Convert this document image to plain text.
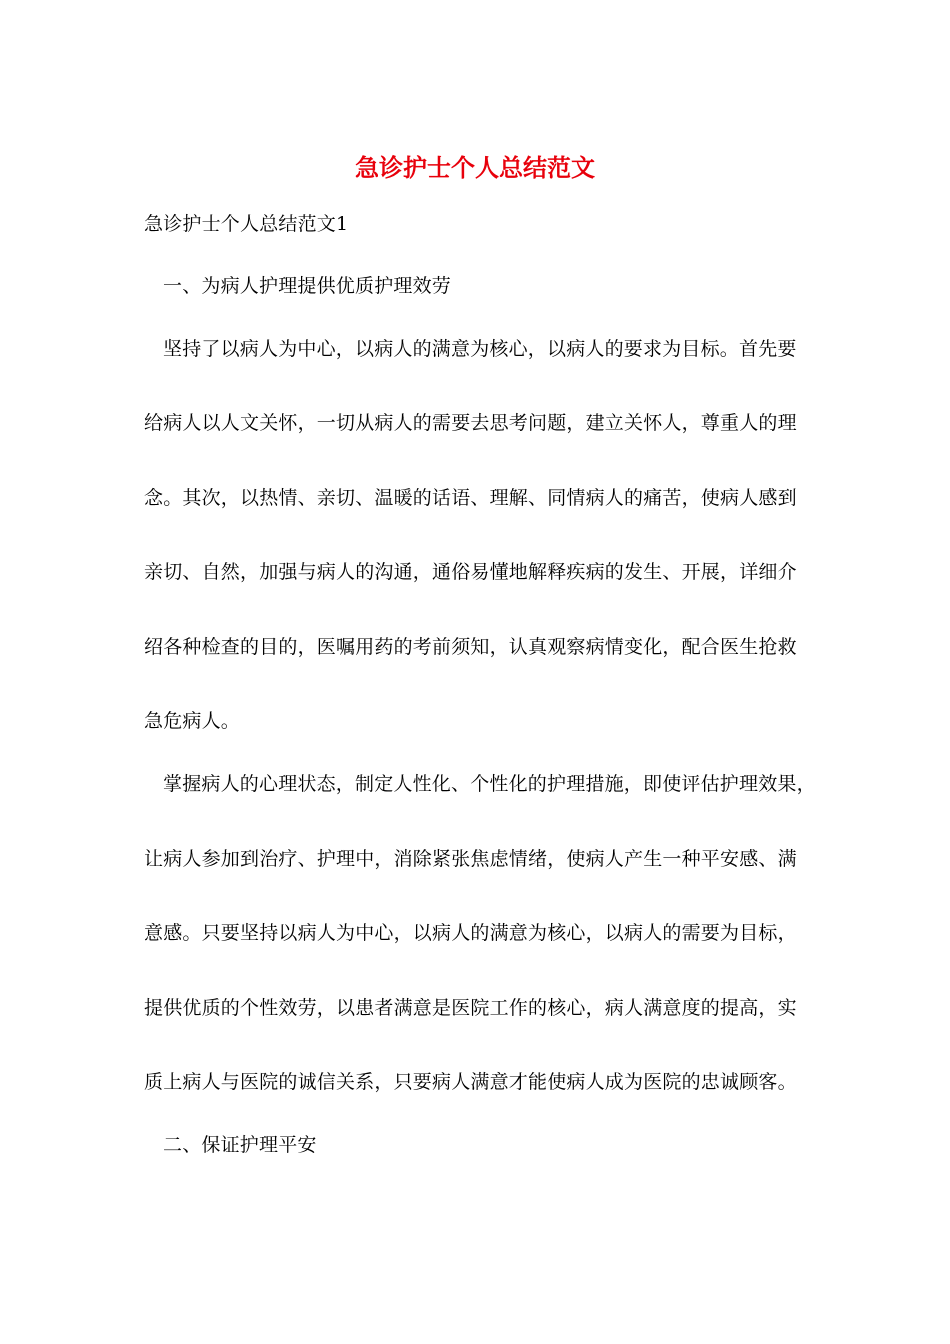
急诊护士个人总结范文
急诊护士个人总结范文1
一、为病人护理提供优质护理效劳
坚持了以病人为中心，以病人的满意为核心，以病人的要求为目标。首先要
给病人以人文关怀，一切从病人的需要去思考问题，建立关怀人，尊重人的理
念。其次，以热情、亲切、温暖的话语、理解、同情病人的痛苦，使病人感到
亲切、自然，加强与病人的沟通，通俗易懂地解释疾病的发生、开展，详细介
绍各种检查的目的，医嘱用药的考前须知，认真观察病情变化，配合医生抢救
急危病人。
掌握病人的心理状态，制定人性化、个性化的护理措施，即使评估护理效果，
让病人参加到治疗、护理中，消除紧张焦虑情绪，使病人产生一种平安感、满
意感。只要坚持以病人为中心，以病人的满意为核心，以病人的需要为目标，
提供优质的个性效劳，以患者满意是医院工作的核心，病人满意度的提高，实
质上病人与医院的诚信关系，只要病人满意才能使病人成为医院的忠诚顾客。
二、保证护理平安
